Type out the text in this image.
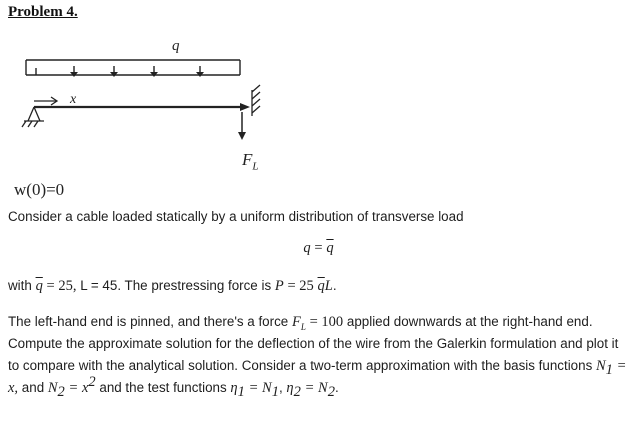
Problem 4.
q
x
w(0)=0
$F_L$
Consider a cable loaded statically by a uniform distribution of transverse load
$q = \overline{q}$
with $\overline{q} = 25$, L = 45. The prestressing force is P = 25 $\overline{q}L$.
The left-hand end is pinned, and there's a force $F_L = 100$ applied downwards at the right-hand end. Compute the approximate solution for the deflection of the wire from the Galerkin formulation and plot it to compare with the analytical solution. Consider a two-term approximation with the basis functions $N_1 = x$, and $N_2 = x^2$ and the test functions $\eta_1 = N_1$, $\eta_2 = N_2$.
